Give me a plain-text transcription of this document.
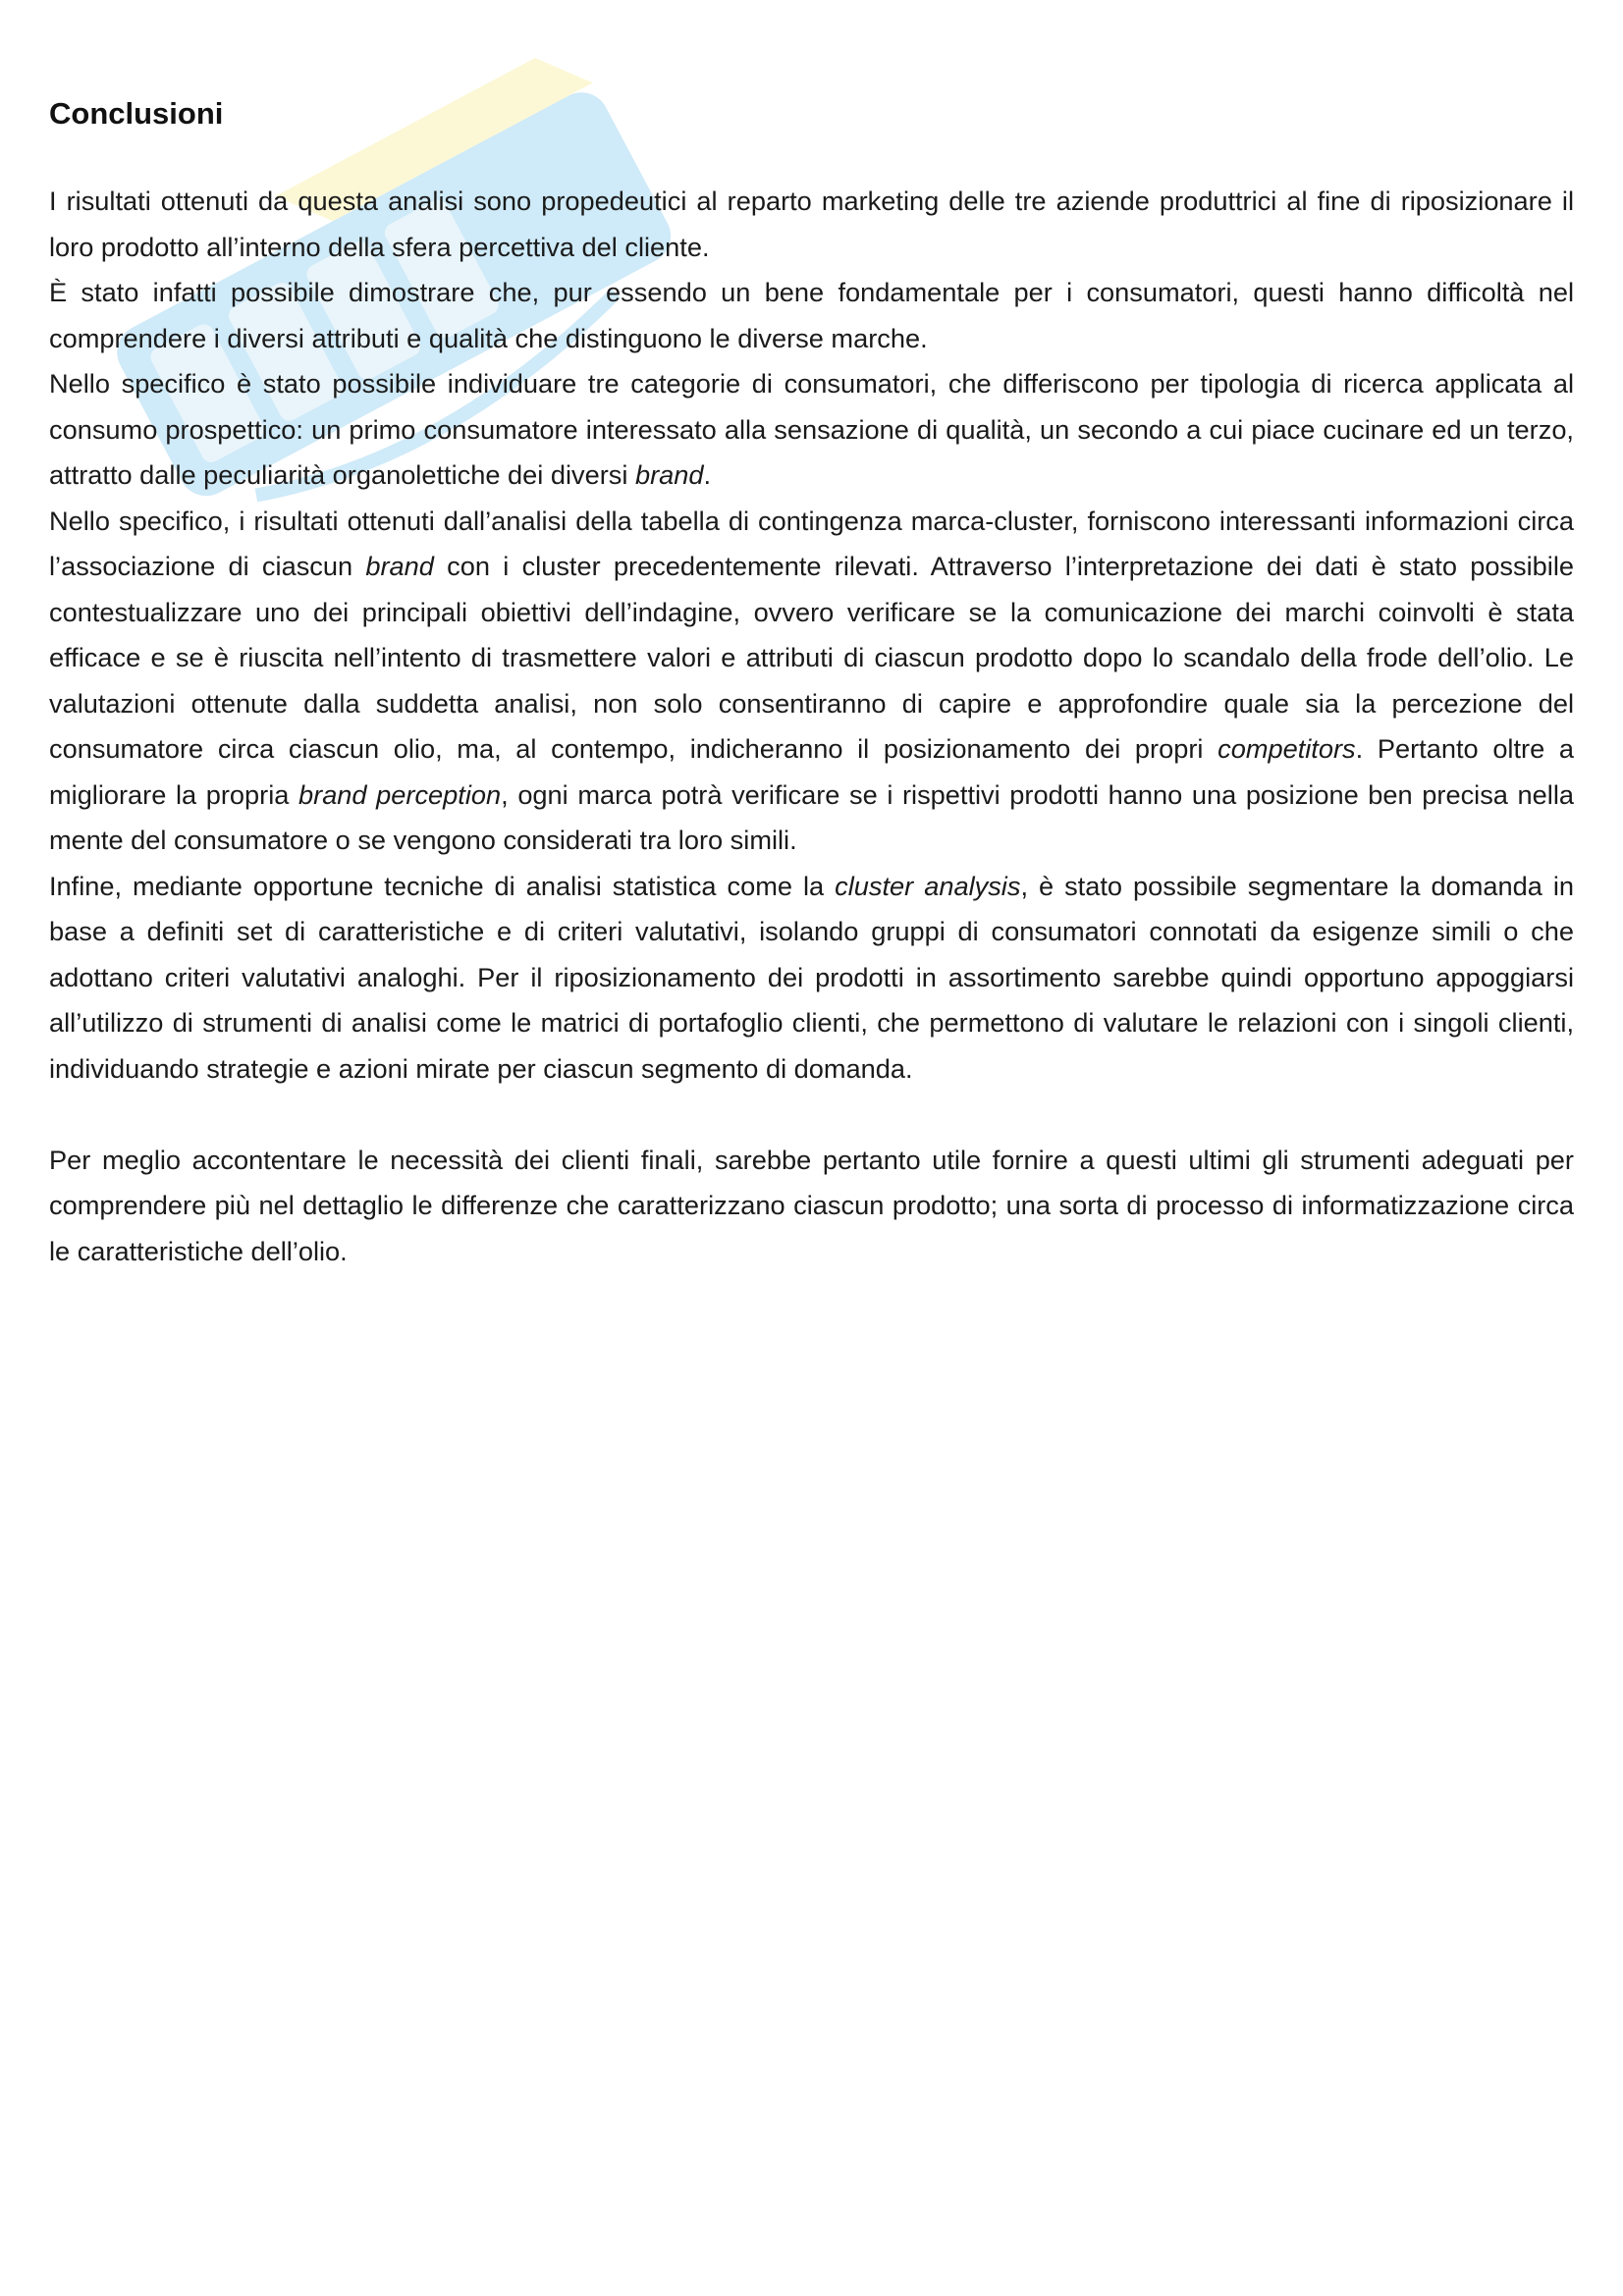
Conclusioni

I risultati ottenuti da questa analisi sono propedeutici al reparto marketing delle tre aziende produttrici al fine di riposizionare il loro prodotto all’interno della sfera percettiva del cliente.

È stato infatti possibile dimostrare che, pur essendo un bene fondamentale per i consumatori, questi hanno difficoltà nel comprendere i diversi attributi e qualità che distinguono le diverse marche.

Nello specifico è stato possibile individuare tre categorie di consumatori, che differiscono per tipologia di ricerca applicata al consumo prospettico: un primo consumatore interessato alla sensazione di qualità, un secondo a cui piace cucinare ed un terzo, attratto dalle peculiarità organolettiche dei diversi brand.

Nello specifico, i risultati ottenuti dall’analisi della tabella di contingenza marca-cluster, forniscono interessanti informazioni circa l’associazione di ciascun brand con i cluster precedentemente rilevati. Attraverso l’interpretazione dei dati è stato possibile contestualizzare uno dei principali obiettivi dell’indagine, ovvero verificare se la comunicazione dei marchi coinvolti è stata efficace e se è riuscita nell’intento di trasmettere valori e attributi di ciascun prodotto dopo lo scandalo della frode dell’olio. Le valutazioni ottenute dalla suddetta analisi, non solo consentiranno di capire e approfondire quale sia la percezione del consumatore circa ciascun olio, ma, al contempo, indicheranno il posizionamento dei propri competitors. Pertanto oltre a migliorare la propria brand perception, ogni marca potrà verificare se i rispettivi prodotti hanno una posizione ben precisa nella mente del consumatore o se vengono considerati tra loro simili.

Infine, mediante opportune tecniche di analisi statistica come la cluster analysis, è stato possibile segmentare la domanda in base a definiti set di caratteristiche e di criteri valutativi, isolando gruppi di consumatori connotati da esigenze simili o che adottano criteri valutativi analoghi. Per il riposizionamento dei prodotti in assortimento sarebbe quindi opportuno appoggiarsi all’utilizzo di strumenti di analisi come le matrici di portafoglio clienti, che permettono di valutare le relazioni con i singoli clienti, individuando strategie e azioni mirate per ciascun segmento di domanda.

Per meglio accontentare le necessità dei clienti finali, sarebbe pertanto utile fornire a questi ultimi gli strumenti adeguati per comprendere più nel dettaglio le differenze che caratterizzano ciascun prodotto; una sorta di processo di informatizzazione circa le caratteristiche dell’olio.
